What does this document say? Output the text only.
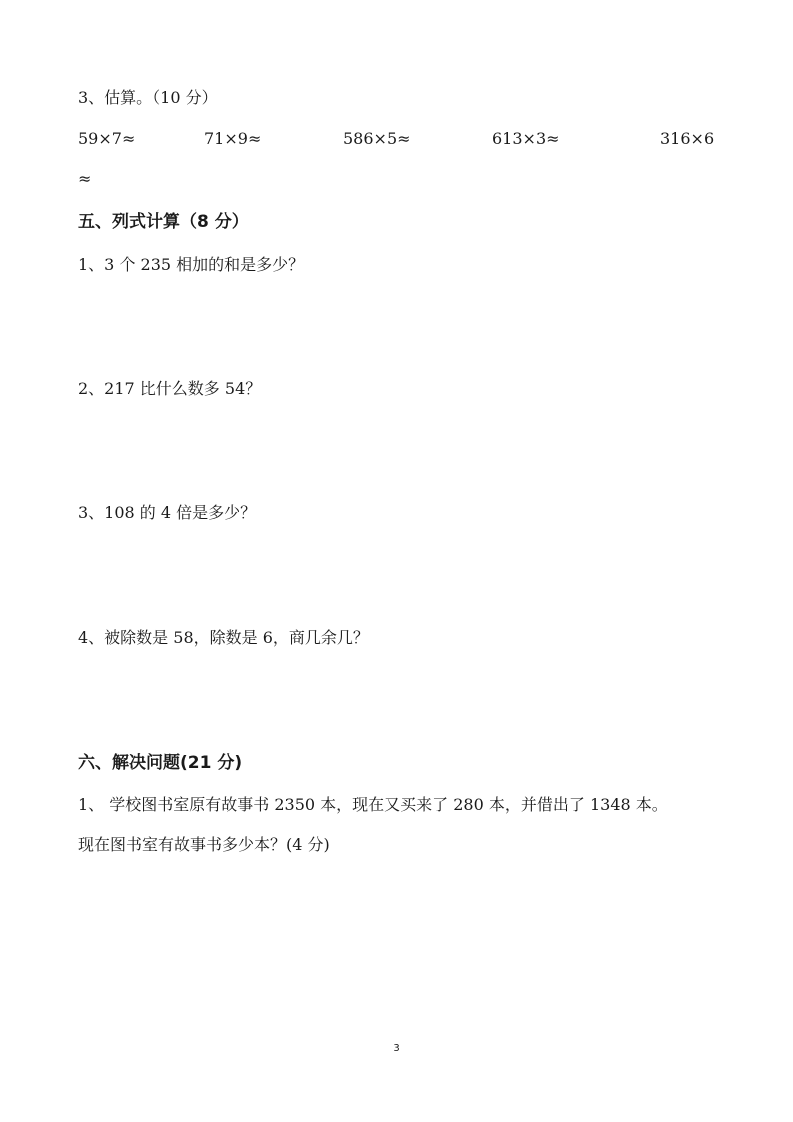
3、估算。（10 分）
59×7≈	71×9≈	586×5≈	613×3≈	316×6
≈
五、列式计算（8 分）
1、3 个 235 相加的和是多少？
2、217 比什么数多 54？
3、108 的 4 倍是多少？
4、被除数是 58，除数是 6，商几余几？
六、解决问题(21 分)
1、 学校图书室原有故事书 2350 本，现在又买来了 280 本，并借出了 1348 本。
现在图书室有故事书多少本？(4 分)
3
